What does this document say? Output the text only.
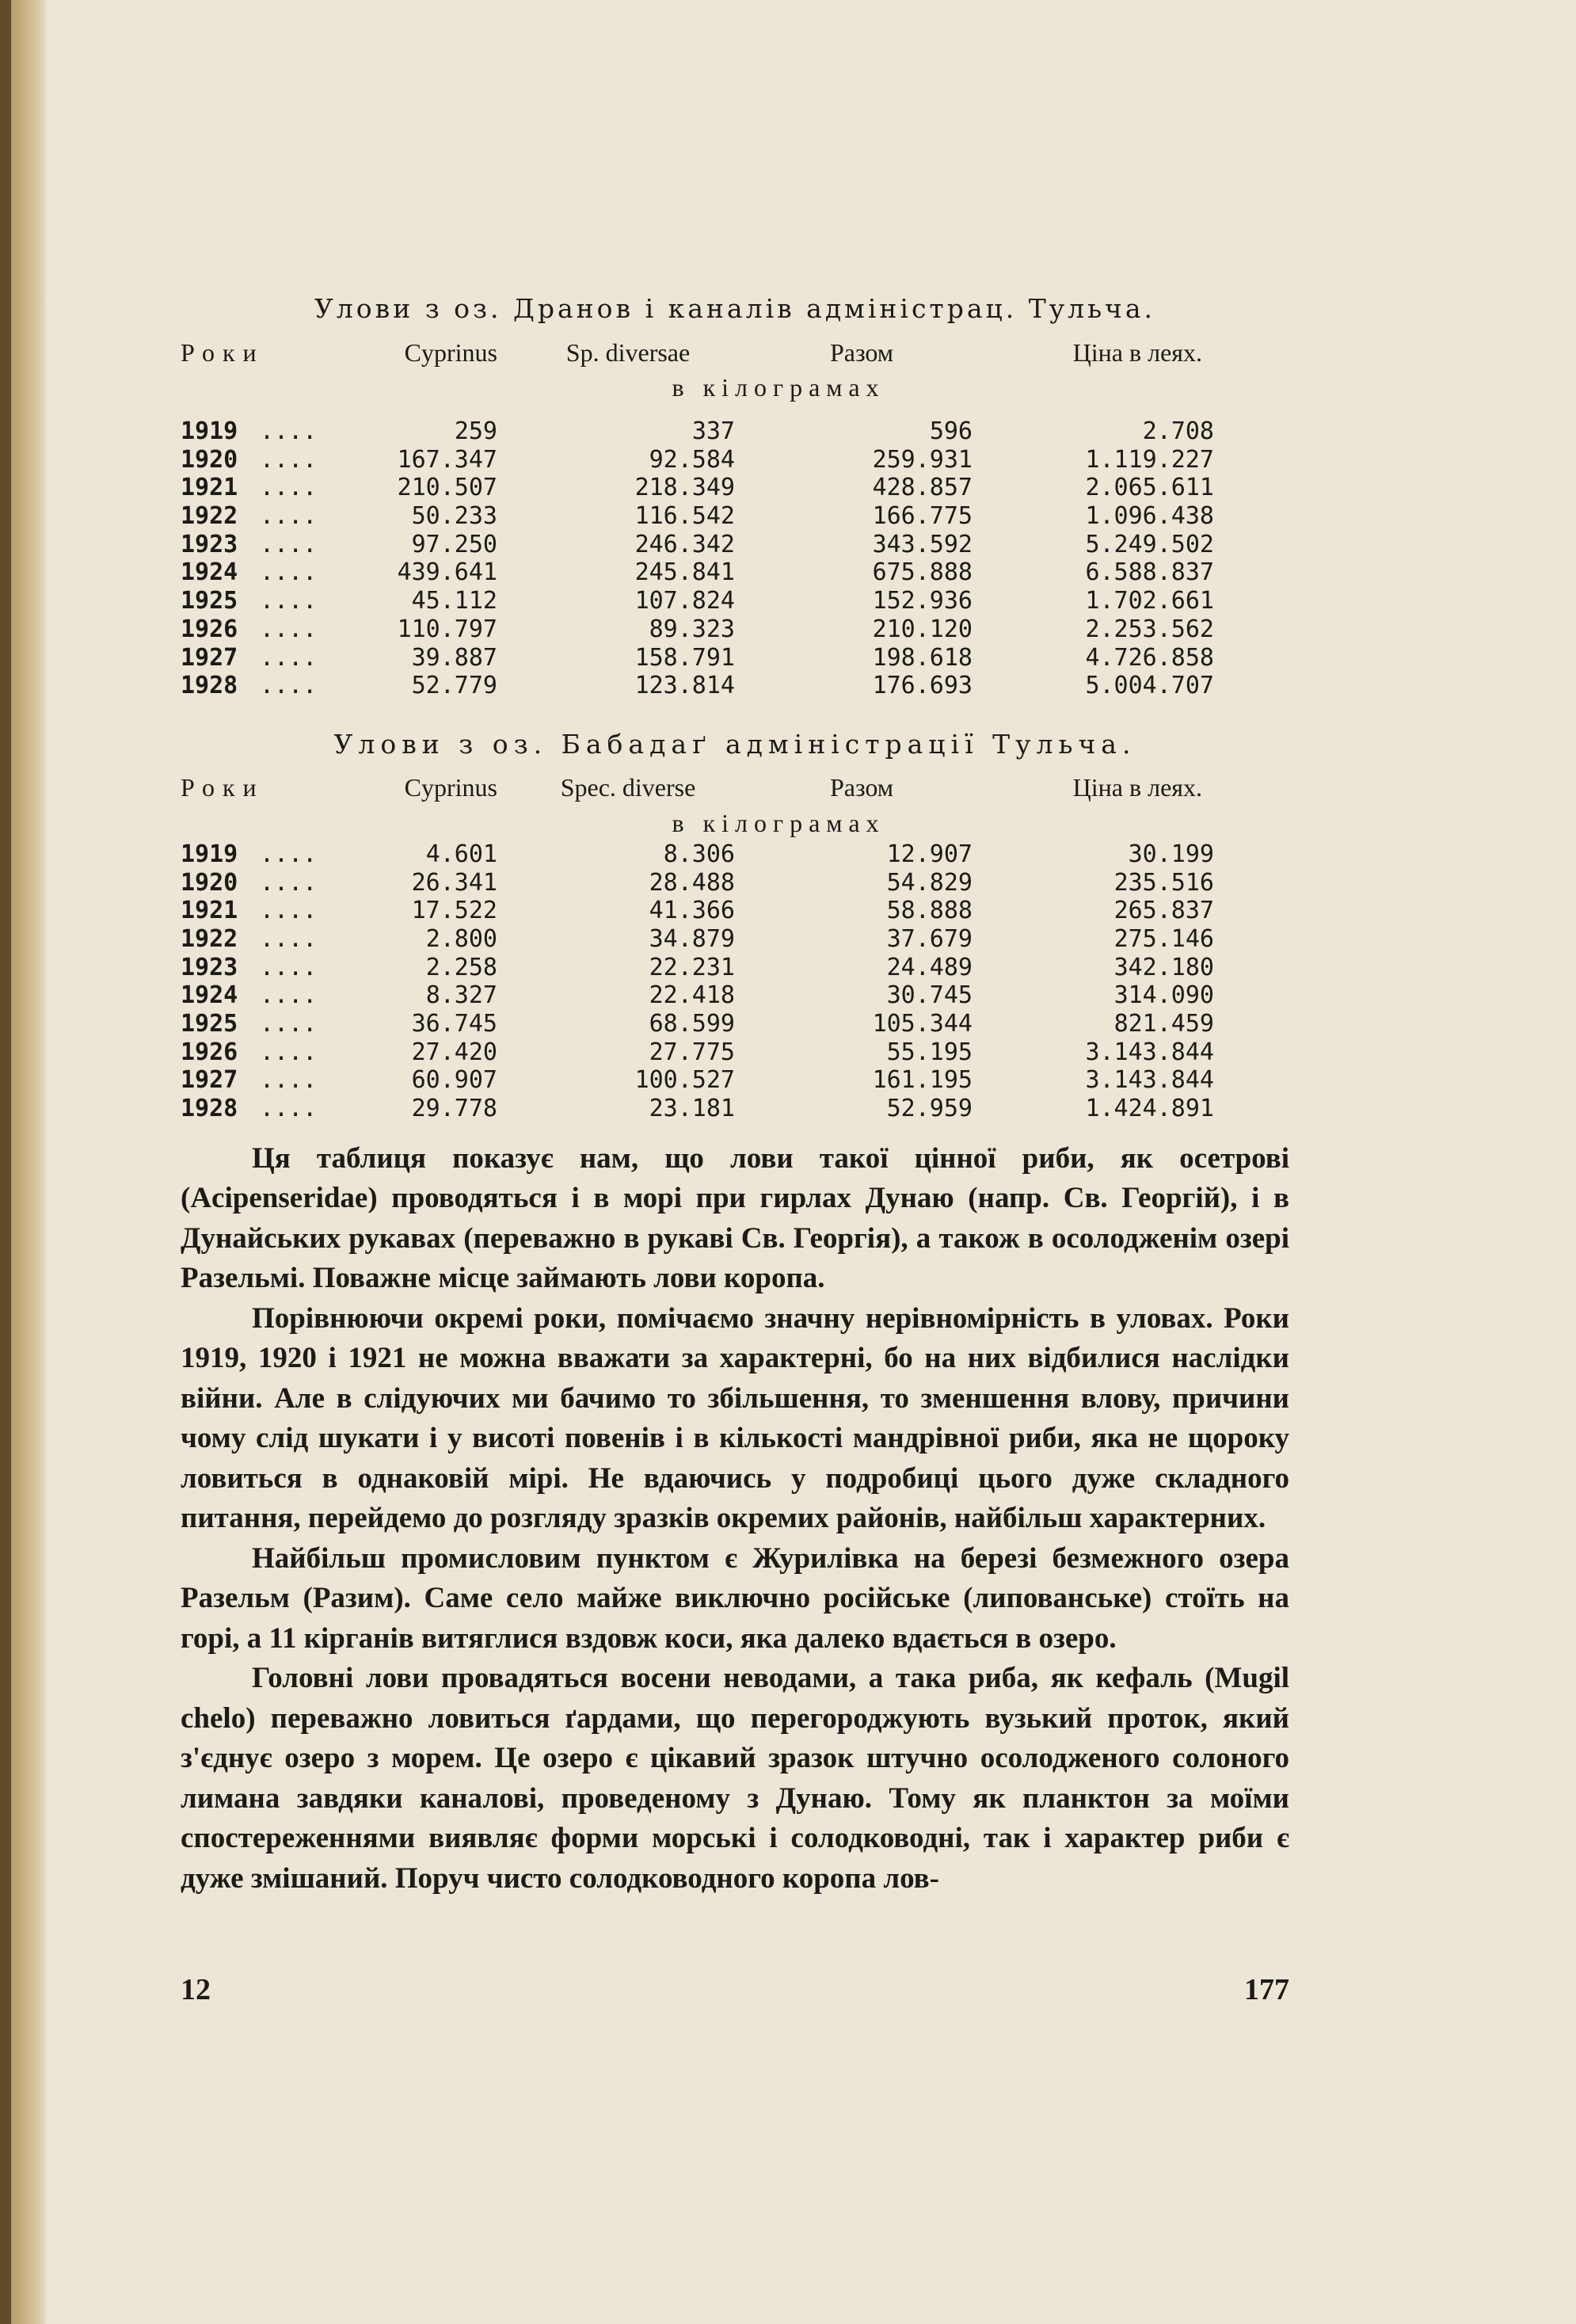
Улови з оз. Дранов і каналів адміністрац. Тульча.
Роки	Cyprinus	Sp. diversae	Разом	Ціна в леях.
в кілограмах
1919 ....	259	337	596	2.708
1920 ....	167.347	92.584	259.931	1.119.227
1921 ....	210.507	218.349	428.857	2.065.611
1922 ....	50.233	116.542	166.775	1.096.438
1923 ....	97.250	246.342	343.592	5.249.502
1924 ....	439.641	245.841	675.888	6.588.837
1925 ....	45.112	107.824	152.936	1.702.661
1926 ....	110.797	89.323	210.120	2.253.562
1927 ....	39.887	158.791	198.618	4.726.858
1928 ....	52.779	123.814	176.693	5.004.707
Улови з оз. Бабадаґ адміністрації Тульча.
Роки	Cyprinus	Spec. diverse	Разом	Ціна в леях.
в кілограмах
1919 ....	4.601	8.306	12.907	30.199
1920 ....	26.341	28.488	54.829	235.516
1921 ....	17.522	41.366	58.888	265.837
1922 ....	2.800	34.879	37.679	275.146
1923 ....	2.258	22.231	24.489	342.180
1924 ....	8.327	22.418	30.745	314.090
1925 ....	36.745	68.599	105.344	821.459
1926 ....	27.420	27.775	55.195	3.143.844
1927 ....	60.907	100.527	161.195	3.143.844
1928 ....	29.778	23.181	52.959	1.424.891

Ця таблиця показує нам, що лови такої цінної риби, як осетрові (Acipenseridae) проводяться і в морі при гирлах Дунаю (напр. Св. Георгій), і в Дунайських рукавах (переважно в рукаві Св. Георгія), а також в осолодженім озері Разельмі. Поважне місце займають лови коропа.

Порівнюючи окремі роки, помічаємо значну нерівномірність в уловах. Роки 1919, 1920 і 1921 не можна вважати за характерні, бо на них відбилися наслідки війни. Але в слідуючих ми бачимо то збільшення, то зменшення влову, причини чому слід шукати і у висоті повенів і в кількості мандрівної риби, яка не щороку ловиться в однаковій мірі. Не вдаючись у подробиці цього дуже складного питання, перейдемо до розгляду зразків окремих районів, найбільш характерних.

Найбільш промисловим пунктом є Журилівка на березі безмежного озера Разельм (Разим). Саме село майже виключно російське (липованське) стоїть на горі, а 11 кірганів витяглися вздовж коси, яка далеко вдається в озеро.

Головні лови провадяться восени неводами, а така риба, як кефаль (Mugil chelo) переважно ловиться ґардами, що перегороджують вузький проток, який з'єднує озеро з морем. Це озеро є цікавий зразок штучно осолодженого солоного лимана завдяки каналові, проведеному з Дунаю. Тому як планктон за моїми спостереженнями виявляє форми морські і солодководні, так і характер риби є дуже змішаний. Поруч чисто солодководного коропа лов-

12	177
